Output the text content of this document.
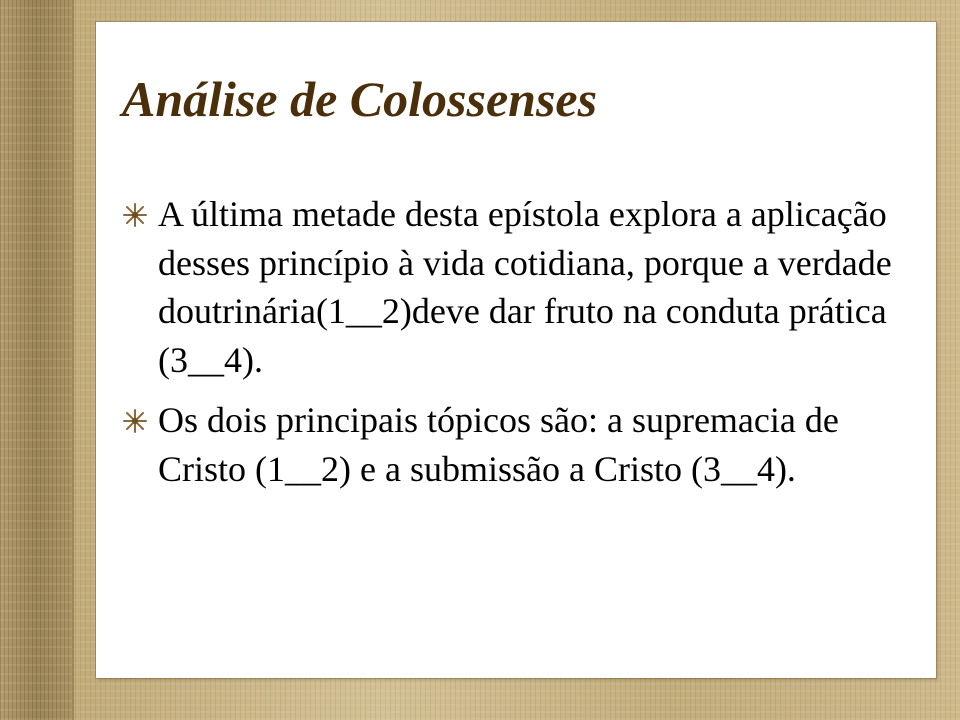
Análise de Colossenses
A última metade desta epístola explora a aplicação desses princípio à vida cotidiana, porque a verdade doutrinária(1__2)deve dar fruto na conduta prática (3__4).
Os dois principais tópicos são: a supremacia de Cristo (1__2) e a submissão a Cristo (3__4).
